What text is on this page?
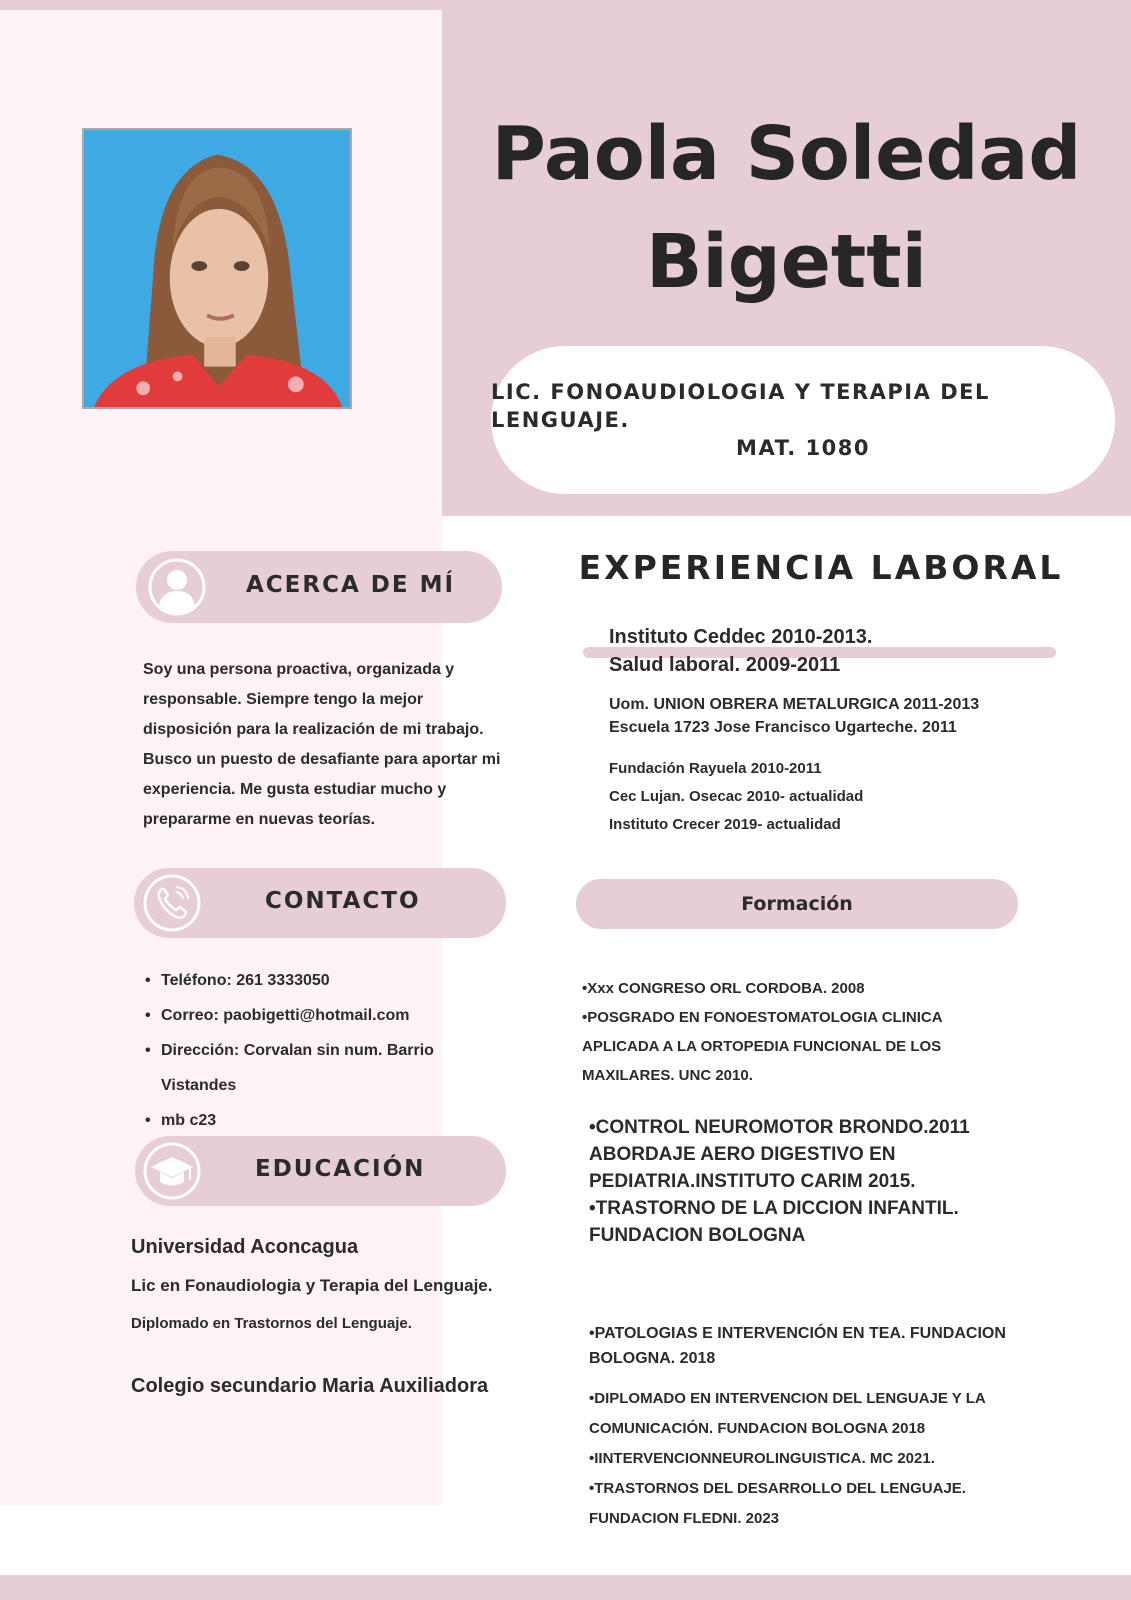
Paola Soledad
Bigetti
LIC. FONOAUDIOLOGIA Y TERAPIA DEL LENGUAJE.
MAT. 1080
ACERCA DE MÍ
Soy una persona proactiva, organizada y
responsable. Siempre tengo la mejor
disposición para la realización de mi trabajo.
Busco un puesto de desafiante para aportar mi
experiencia. Me gusta estudiar mucho y
prepararme en nuevas teorías.
CONTACTO
• Teléfono: 261 3333050
• Correo: paobigetti@hotmail.com
• Dirección: Corvalan sin num. Barrio Vistandes
• mb c23
•
EDUCACIÓN
Universidad Aconcagua
Lic en Fonaudiologia y Terapia del Lenguaje.
Diplomado en Trastornos del Lenguaje.
Colegio secundario Maria Auxiliadora
EXPERIENCIA LABORAL
Instituto Ceddec 2010-2013.
Salud laboral. 2009-2011
Uom. UNION OBRERA METALURGICA 2011-2013
Escuela 1723 Jose Francisco Ugarteche. 2011
Fundación Rayuela 2010-2011
Cec Lujan. Osecac 2010- actualidad
Instituto Crecer 2019- actualidad
Formación
•Xxx CONGRESO ORL CORDOBA. 2008
•POSGRADO EN FONOESTOMATOLOGIA CLINICA
APLICADA A LA ORTOPEDIA FUNCIONAL DE LOS
MAXILARES. UNC 2010.
•CONTROL NEUROMOTOR BRONDO.2011
ABORDAJE AERO DIGESTIVO EN
PEDIATRIA.INSTITUTO CARIM 2015.
•TRASTORNO DE LA DICCION INFANTIL.
FUNDACION BOLOGNA
•PATOLOGIAS E INTERVENCIÓN EN TEA. FUNDACION
BOLOGNA. 2018
•DIPLOMADO EN INTERVENCION DEL LENGUAJE Y LA
COMUNICACIÓN. FUNDACION BOLOGNA 2018
•IINTERVENCIONNEUROLINGUISTICA. MC 2021.
•TRASTORNOS DEL DESARROLLO DEL LENGUAJE.
FUNDACION FLEDNI. 2023
